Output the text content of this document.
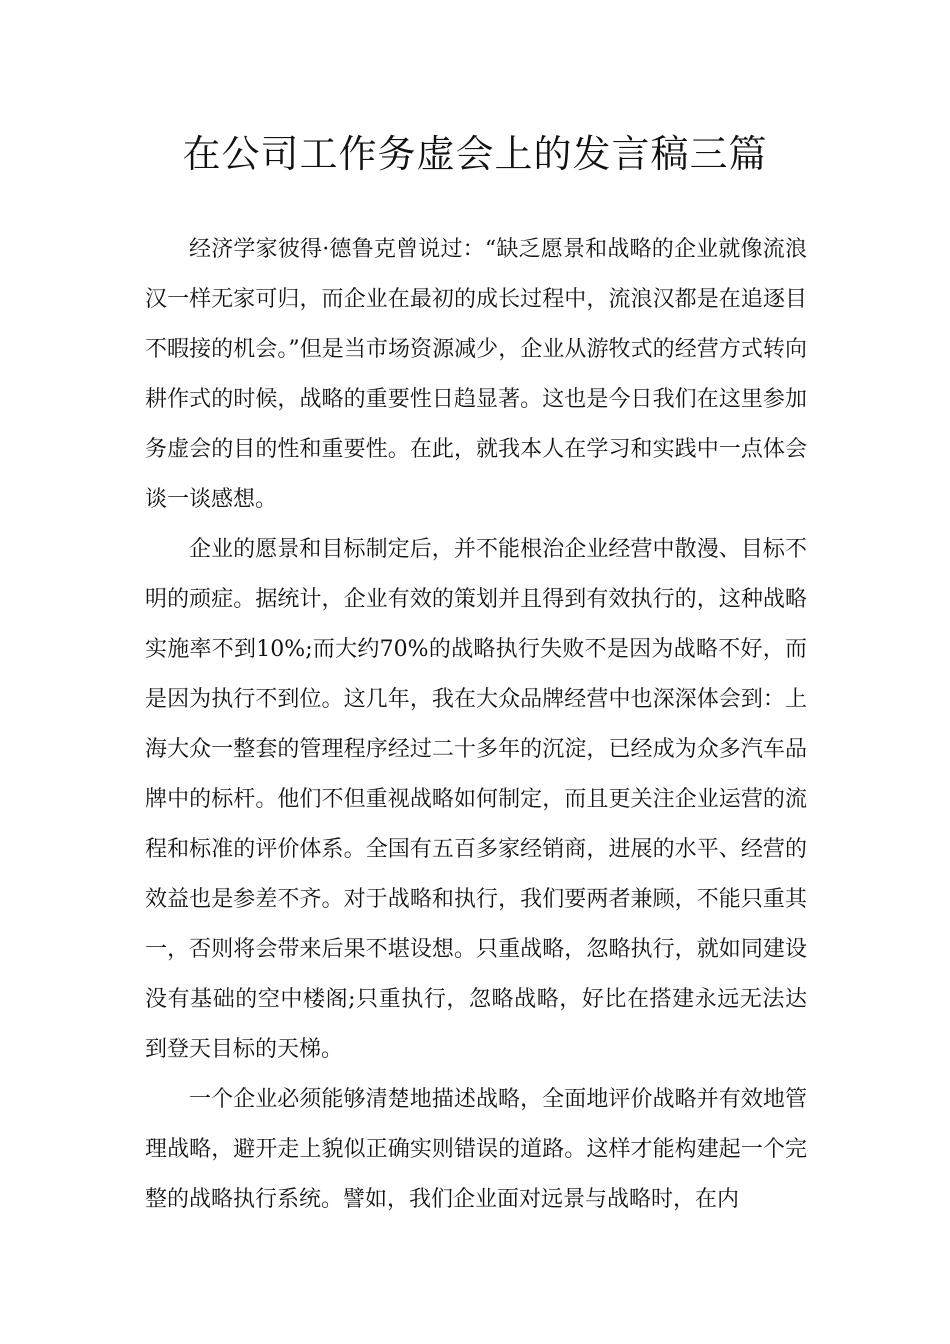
在公司工作务虚会上的发言稿三篇

经济学家彼得·德鲁克曾说过：“缺乏愿景和战略的企业就像流浪汉一样无家可归，而企业在最初的成长过程中，流浪汉都是在追逐目不暇接的机会。”但是当市场资源减少，企业从游牧式的经营方式转向耕作式的时候，战略的重要性日趋显著。这也是今日我们在这里参加务虚会的目的性和重要性。在此，就我本人在学习和实践中一点体会谈一谈感想。

企业的愿景和目标制定后，并不能根治企业经营中散漫、目标不明的顽症。据统计，企业有效的策划并且得到有效执行的，这种战略实施率不到10%;而大约70%的战略执行失败不是因为战略不好，而是因为执行不到位。这几年，我在大众品牌经营中也深深体会到：上海大众一整套的管理程序经过二十多年的沉淀，已经成为众多汽车品牌中的标杆。他们不但重视战略如何制定，而且更关注企业运营的流程和标准的评价体系。全国有五百多家经销商，进展的水平、经营的效益也是参差不齐。对于战略和执行，我们要两者兼顾，不能只重其一，否则将会带来后果不堪设想。只重战略，忽略执行，就如同建设没有基础的空中楼阁;只重执行，忽略战略，好比在搭建永远无法达到登天目标的天梯。

一个企业必须能够清楚地描述战略，全面地评价战略并有效地管理战略，避开走上貌似正确实则错误的道路。这样才能构建起一个完整的战略执行系统。譬如，我们企业面对远景与战略时，在内
